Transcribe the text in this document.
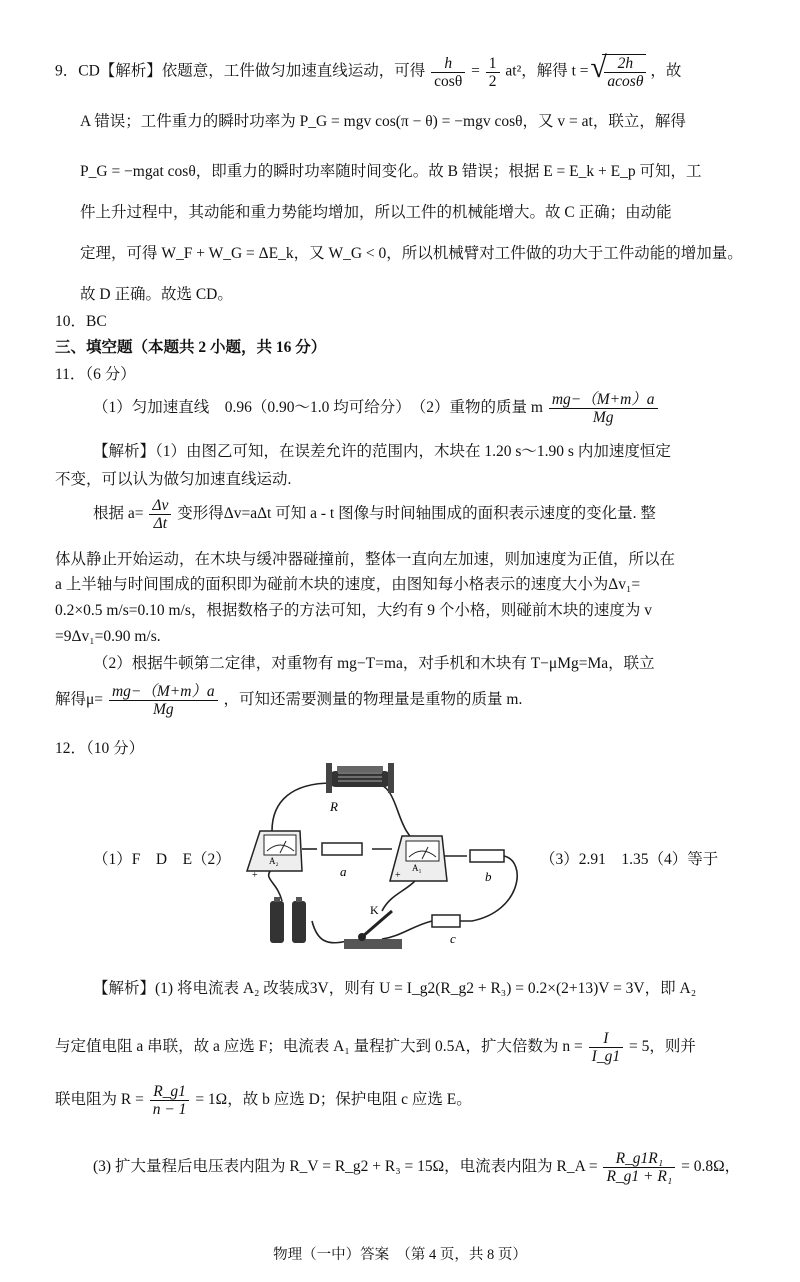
9．CD【解析】依题意，工件做匀加速直线运动，可得 $\frac{h}{\cos\theta} = \frac{1}{2} at^2$，解得 t =
√ $\frac{2h}{acos\theta}$ ，故
A 错误；工件重力的瞬时功率为 P_G = mgv cos(π − θ) = −mgv cosθ，又 v = at，联立，解得
P_G = −mgat cosθ，即重力的瞬时功率随时间变化。故 B 错误；根据 E = E_k + E_p 可知，工
件上升过程中，其动能和重力势能均增加，所以工件的机械能增大。故 C 正确；由动能
定理，可得 W_F + W_G = ΔE_k，又 W_G < 0，所以机械臂对工件做的功大于工件动能的增加量。
故 D 正确。故选 CD。
10．BC
三、填空题（本题共 2 小题，共 16 分）
11．（6 分）
（1）匀加速直线　0.96（0.90～1.0 均可给分）　（2）重物的质量 m $\frac{mg-(M+m)a}{Mg}$
【解析】（1）由图乙可知，在误差允许的范围内，木块在 1.20 s～1.90 s 内加速度恒定
不变，可以认为做匀加速直线运动.
根据 $a= \frac{\Delta v}{\Delta t}$ 变形得Δv=aΔt 可知 a - t 图像与时间轴围成的面积表示速度的变化量. 整
体从静止开始运动，在木块与缓冲器碰撞前，整体一直向左加速，则加速度为正值，所以在
a 上半轴与时间围成的面积即为碰前木块的速度，由图知每小格表示的速度大小为Δv₁=
0.2×0.5 m/s=0.10 m/s，根据数格子的方法可知，大约有 9 个小格，则碰前木块的速度为 v
=9Δv₁=0.90 m/s.
（2）根据牛顿第二定律，对重物有 mg−T=ma，对手机和木块有 T−μMg=Ma，联立
解得$\mu= \frac{mg-(M+m)a}{Mg}$ ，可知还需要测量的物理量是重物的质量 m.
12．（10 分）
（1）F　D　E（2）	（3）2.91　1.35（4）等于
R
A₂
+	a	A₁
+	b
c
K
【解析】(1) 将电流表 A₂ 改装成3V，则有 U = I_g2(R_g2 + R₃) = 0.2×(2+13)V = 3V，即 A₂
与定值电阻 a 串联，故 a 应选 F；电流表 A₁ 量程扩大到 0.5A，扩大倍数为 $n = \frac{I}{I\_g1} = 5$，则并
联电阻为 $R = \frac{R\_g1}{n - 1} = 1\Omega$，故 b 应选 D；保护电阻 c 应选 E。
(3) 扩大量程后电压表内阻为 R_V = R_g2 + R₃ = 15Ω，电流表内阻为 R_A = $\frac{\text{R\_g1R₁}}{\text{R\_g1 + R₁}} = 0.8\Omega$，
物理（一中）答案　（第 4 页，共 8 页）
